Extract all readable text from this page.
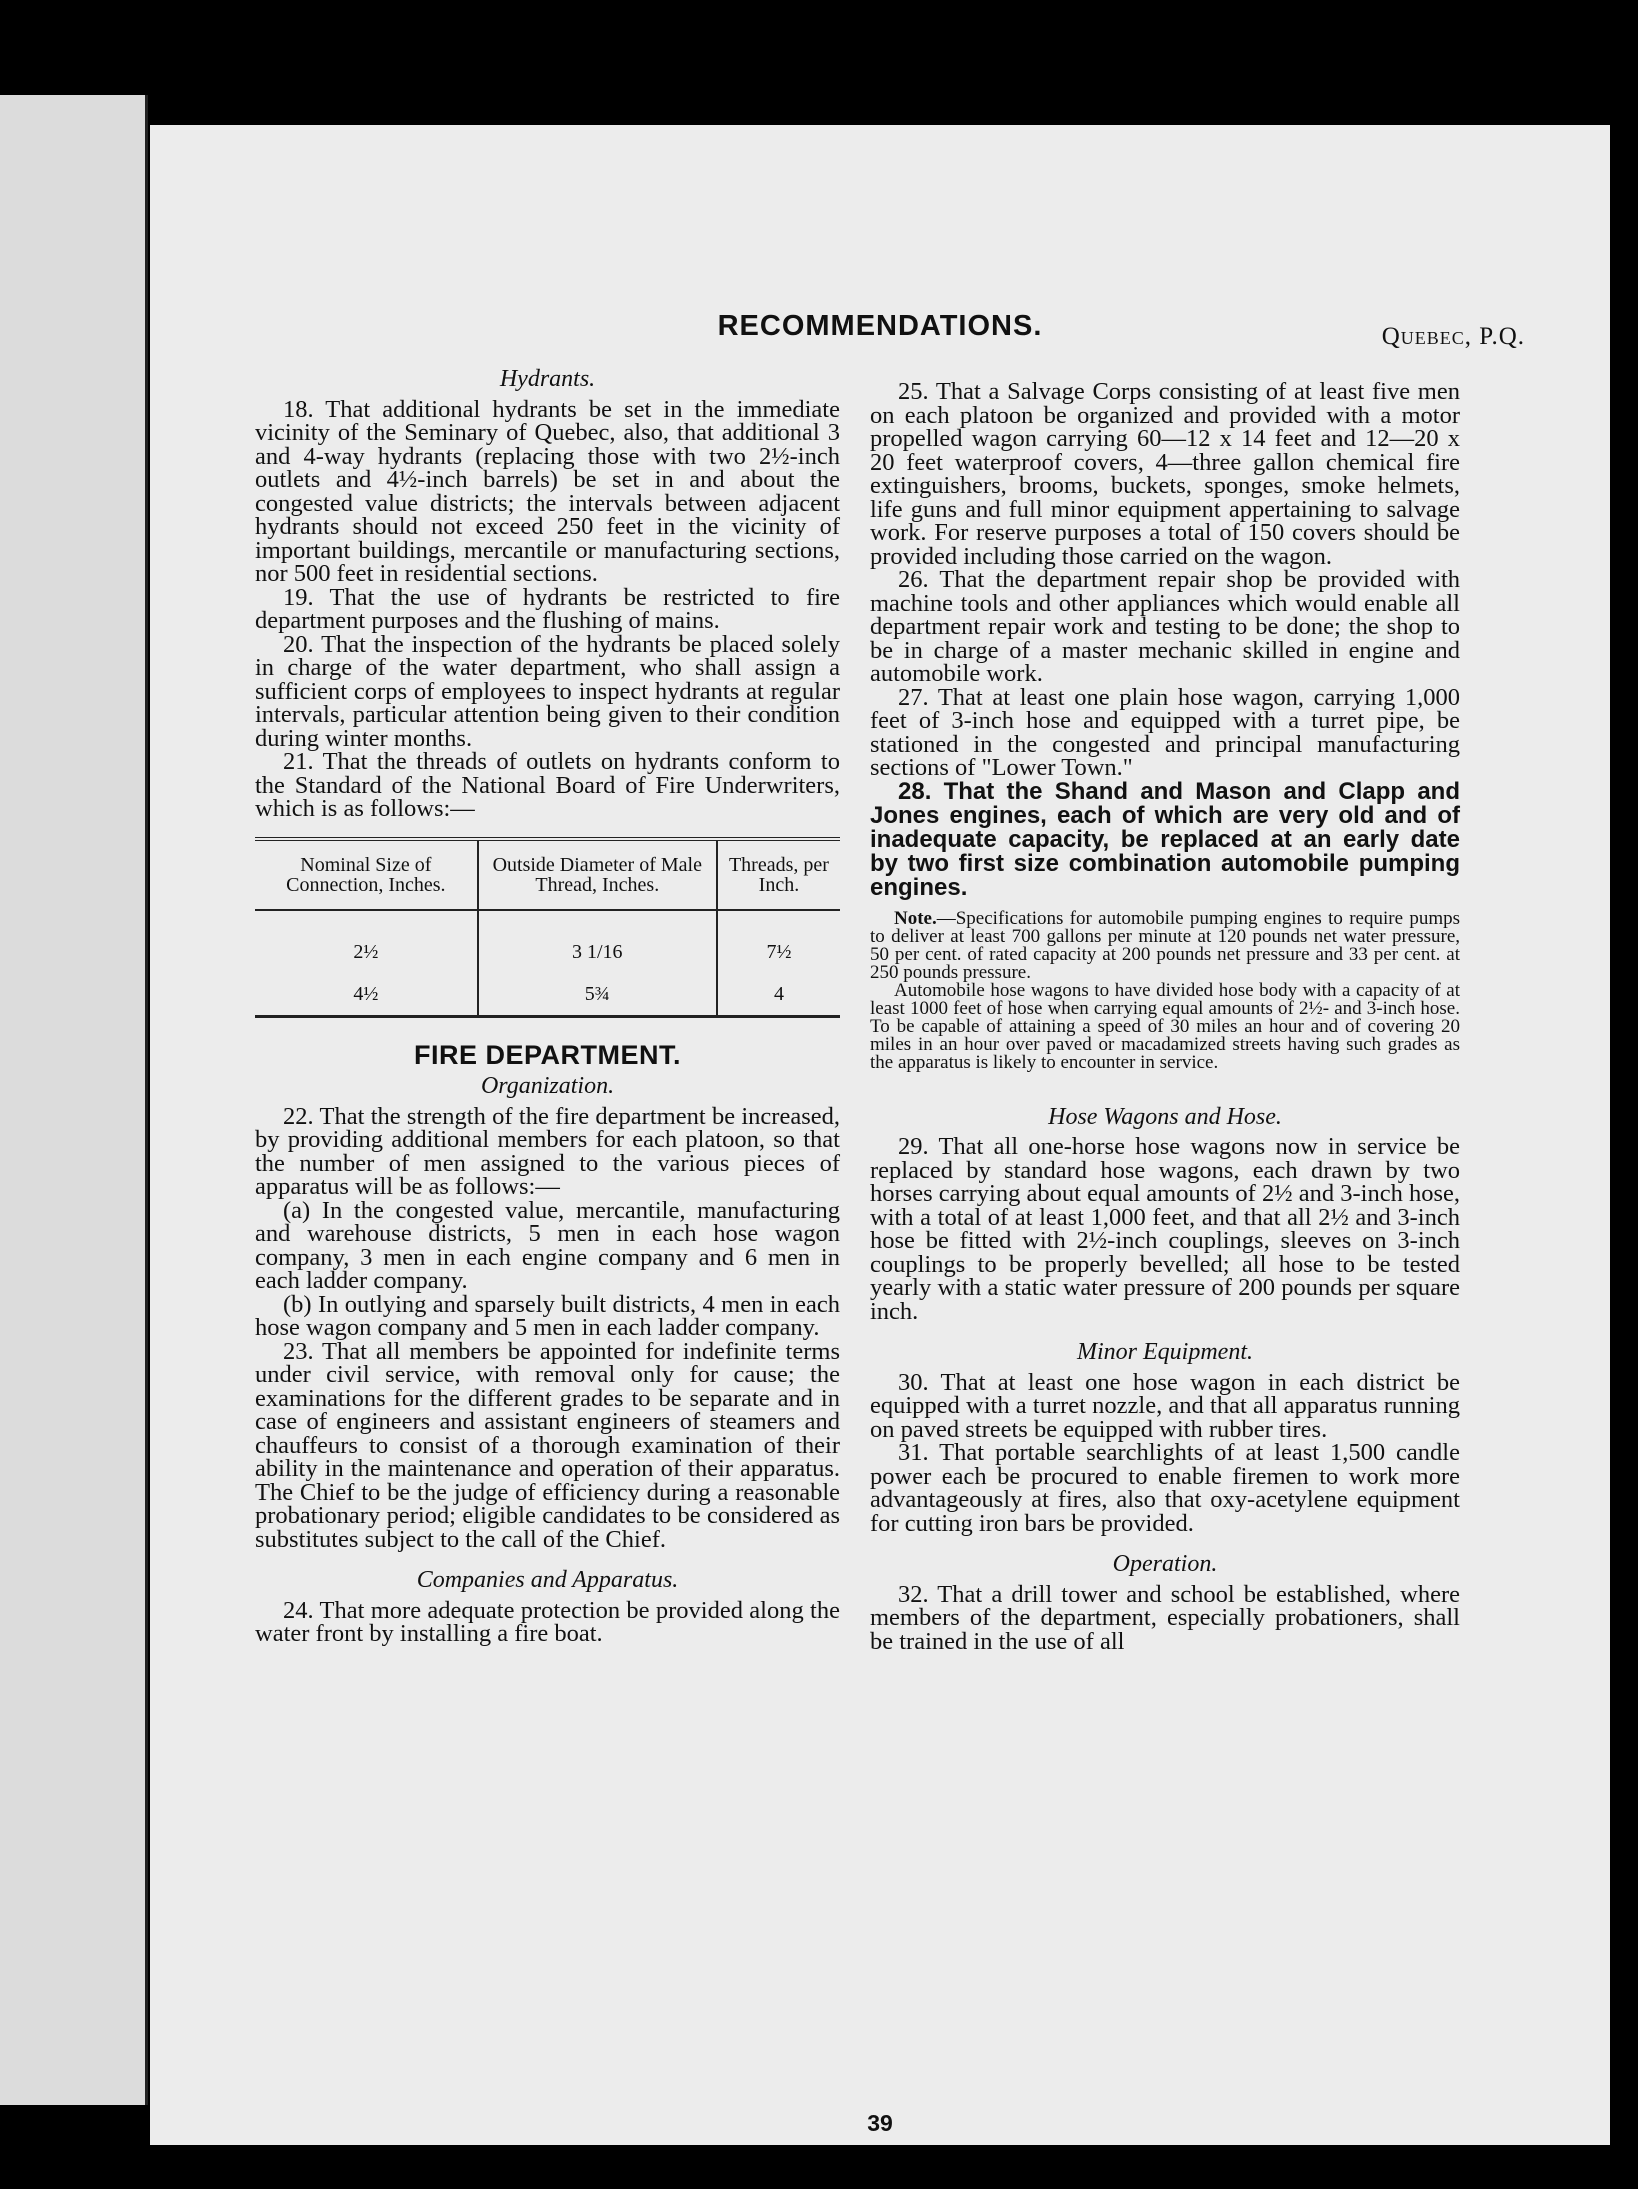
RECOMMENDATIONS.	Quebec, P.Q.
Hydrants.

18. That additional hydrants be set in the immediate vicinity of the Seminary of Quebec, also, that additional 3 and 4-way hydrants (replacing those with two 2½-inch outlets and 4½-inch barrels) be set in and about the congested value districts; the intervals between adjacent hydrants should not exceed 250 feet in the vicinity of important buildings, mercantile or manufacturing sections, nor 500 feet in residential sections.

19. That the use of hydrants be restricted to fire department purposes and the flushing of mains.

20. That the inspection of the hydrants be placed solely in charge of the water department, who shall assign a sufficient corps of employees to inspect hydrants at regular intervals, particular attention being given to their condition during winter months.

21. That the threads of outlets on hydrants conform to the Standard of the National Board of Fire Underwriters, which is as follows:—

Nominal Size of Connection, Inches.	Outside Diameter of Male Thread, Inches.	Threads, per Inch.
2½	3 1/16	7½
4½	5¾	4
FIRE DEPARTMENT.
Organization.

22. That the strength of the fire department be increased, by providing additional members for each platoon, so that the number of men assigned to the various pieces of apparatus will be as follows:—

(a) In the congested value, mercantile, manufacturing and warehouse districts, 5 men in each hose wagon company, 3 men in each engine company and 6 men in each ladder company.

(b) In outlying and sparsely built districts, 4 men in each hose wagon company and 5 men in each ladder company.

23. That all members be appointed for indefinite terms under civil service, with removal only for cause; the examinations for the different grades to be separate and in case of engineers and assistant engineers of steamers and chauffeurs to consist of a thorough examination of their ability in the maintenance and operation of their apparatus. The Chief to be the judge of efficiency during a reasonable probationary period; eligible candidates to be considered as substitutes subject to the call of the Chief.

Companies and Apparatus.

24. That more adequate protection be provided along the water front by installing a fire boat.

25. That a Salvage Corps consisting of at least five men on each platoon be organized and provided with a motor propelled wagon carrying 60—12 x 14 feet and 12—20 x 20 feet waterproof covers, 4—three gallon chemical fire extinguishers, brooms, buckets, sponges, smoke helmets, life guns and full minor equipment appertaining to salvage work. For reserve purposes a total of 150 covers should be provided including those carried on the wagon.

26. That the department repair shop be provided with machine tools and other appliances which would enable all department repair work and testing to be done; the shop to be in charge of a master mechanic skilled in engine and automobile work.

27. That at least one plain hose wagon, carrying 1,000 feet of 3-inch hose and equipped with a turret pipe, be stationed in the congested and principal manufacturing sections of "Lower Town."

28. That the Shand and Mason and Clapp and Jones engines, each of which are very old and of inadequate capacity, be replaced at an early date by two first size combination automobile pumping engines.

Note.—Specifications for automobile pumping engines to require pumps to deliver at least 700 gallons per minute at 120 pounds net water pressure, 50 per cent. of rated capacity at 200 pounds net pressure and 33 per cent. at 250 pounds pressure.

Automobile hose wagons to have divided hose body with a capacity of at least 1000 feet of hose when carrying equal amounts of 2½- and 3-inch hose. To be capable of attaining a speed of 30 miles an hour and of covering 20 miles in an hour over paved or macadamized streets having such grades as the apparatus is likely to encounter in service.

Hose Wagons and Hose.

29. That all one-horse hose wagons now in service be replaced by standard hose wagons, each drawn by two horses carrying about equal amounts of 2½ and 3-inch hose, with a total of at least 1,000 feet, and that all 2½ and 3-inch hose be fitted with 2½-inch couplings, sleeves on 3-inch couplings to be properly bevelled; all hose to be tested yearly with a static water pressure of 200 pounds per square inch.

Minor Equipment.

30. That at least one hose wagon in each district be equipped with a turret nozzle, and that all apparatus running on paved streets be equipped with rubber tires.

31. That portable searchlights of at least 1,500 candle power each be procured to enable firemen to work more advantageously at fires, also that oxy-acetylene equipment for cutting iron bars be provided.

Operation.

32. That a drill tower and school be established, where members of the department, especially probationers, shall be trained in the use of all

39
